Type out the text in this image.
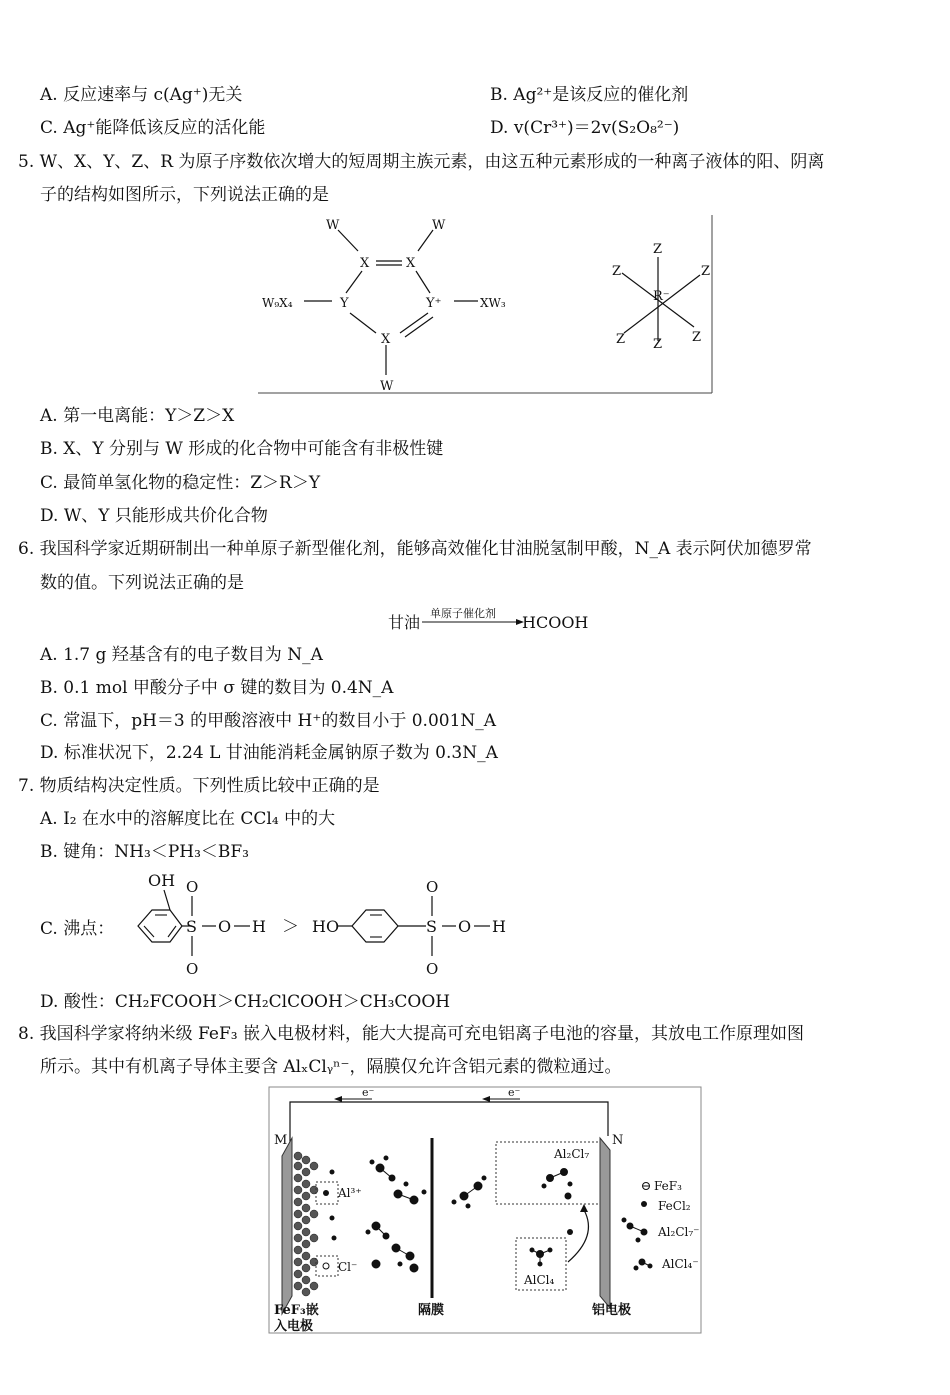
A. 反应速率与 c(Ag⁺)无关	B. Ag²⁺是该反应的催化剂
C. Ag⁺能降低该反应的活化能	D. v(Cr³⁺)＝2v(S₂O₈²⁻)
5. W、X、Y、Z、R 为原子序数依次增大的短周期主族元素，由这五种元素形成的一种离子液体的阳、阴离
子的结构如图所示，下列说法正确的是
W	W
X	X
Y	Y⁺
W₉X₄	XW₃
X
W
Z
Z	Z
R⁻
Z Z Z
A. 第一电离能：Y＞Z＞X
B. X、Y 分别与 W 形成的化合物中可能含有非极性键
C. 最简单氢化物的稳定性：Z＞R＞Y
D. W、Y 只能形成共价化合物
6. 我国科学家近期研制出一种单原子新型催化剂，能够高效催化甘油脱氢制甲酸，N_A 表示阿伏加德罗常
数的值。下列说法正确的是
甘油 单原子催化剂 HCOOH
A. 1.7 g 羟基含有的电子数目为 N_A
B. 0.1 mol 甲酸分子中 σ 键的数目为 0.4N_A
C. 常温下，pH＝3 的甲酸溶液中 H⁺的数目小于 0.001N_A
D. 标准状况下，2.24 L 甘油能消耗金属钠原子数为 0.3N_A
7. 物质结构决定性质。下列性质比较中正确的是
A. I₂ 在水中的溶解度比在 CCl₄ 中的大
B. 键角：NH₃＜PH₃＜BF₃
C. 沸点：
OH O
S
O
O H ＞ HO
O
S
O
O H
D. 酸性：CH₂FCOOH＞CH₂ClCOOH＞CH₃COOH
8. 我国科学家将纳米级 FeF₃ 嵌入电极材料，能大大提高可充电铝离子电池的容量，其放电工作原理如图
所示。其中有机离子导体主要含 AlₓClᵧⁿ⁻，隔膜仅允许含铝元素的微粒通过。
e⁻	e⁻
M	N
Al³⁺
Cl⁻
Al₂Cl₇
AlCl₄
FeF₃
FeCl₂
Al₂Cl₇⁻
AlCl₄⁻
FeF₃嵌
入电极
隔膜	铝电极
